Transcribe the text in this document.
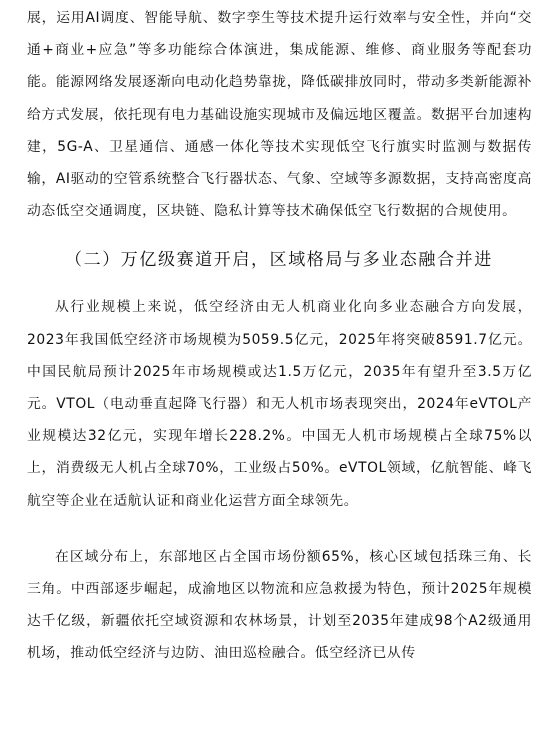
展，运用AI调度、智能导航、数字孪生等技术提升运行效率与安全性，并向“交通+商业+应急”等多功能综合体演进，集成能源、维修、商业服务等配套功能。能源网络发展逐渐向电动化趋势靠拢，降低碳排放同时，带动多类新能源补给方式发展，依托现有电力基础设施实现城市及偏远地区覆盖。数据平台加速构建，5G-A、卫星通信、通感一体化等技术实现低空飞行旗实时监测与数据传输，AI驱动的空管系统整合飞行器状态、气象、空域等多源数据，支持高密度高动态低空交通调度，区块链、隐私计算等技术确保低空飞行数据的合规使用。

（二）万亿级赛道开启，区域格局与多业态融合并进

从行业规模上来说，低空经济由无人机商业化向多业态融合方向发展，2023年我国低空经济市场规模为5059.5亿元，2025年将突破8591.7亿元。中国民航局预计2025年市场规模或达1.5万亿元，2035年有望升至3.5万亿元。VTOL（电动垂直起降飞行器）和无人机市场表现突出，2024年eVTOL产业规模达32亿元，实现年增长228.2%。中国无人机市场规模占全球75%以上，消费级无人机占全球70%，工业级占50%。eVTOL领域，亿航智能、峰飞航空等企业在适航认证和商业化运营方面全球领先。

在区域分布上，东部地区占全国市场份额65%，核心区域包括珠三角、长三角。中西部逐步崛起，成渝地区以物流和应急救援为特色，预计2025年规模达千亿级，新疆依托空域资源和农林场景，计划至2035年建成98个A2级通用机场，推动低空经济与边防、油田巡检融合。低空经济已从传
